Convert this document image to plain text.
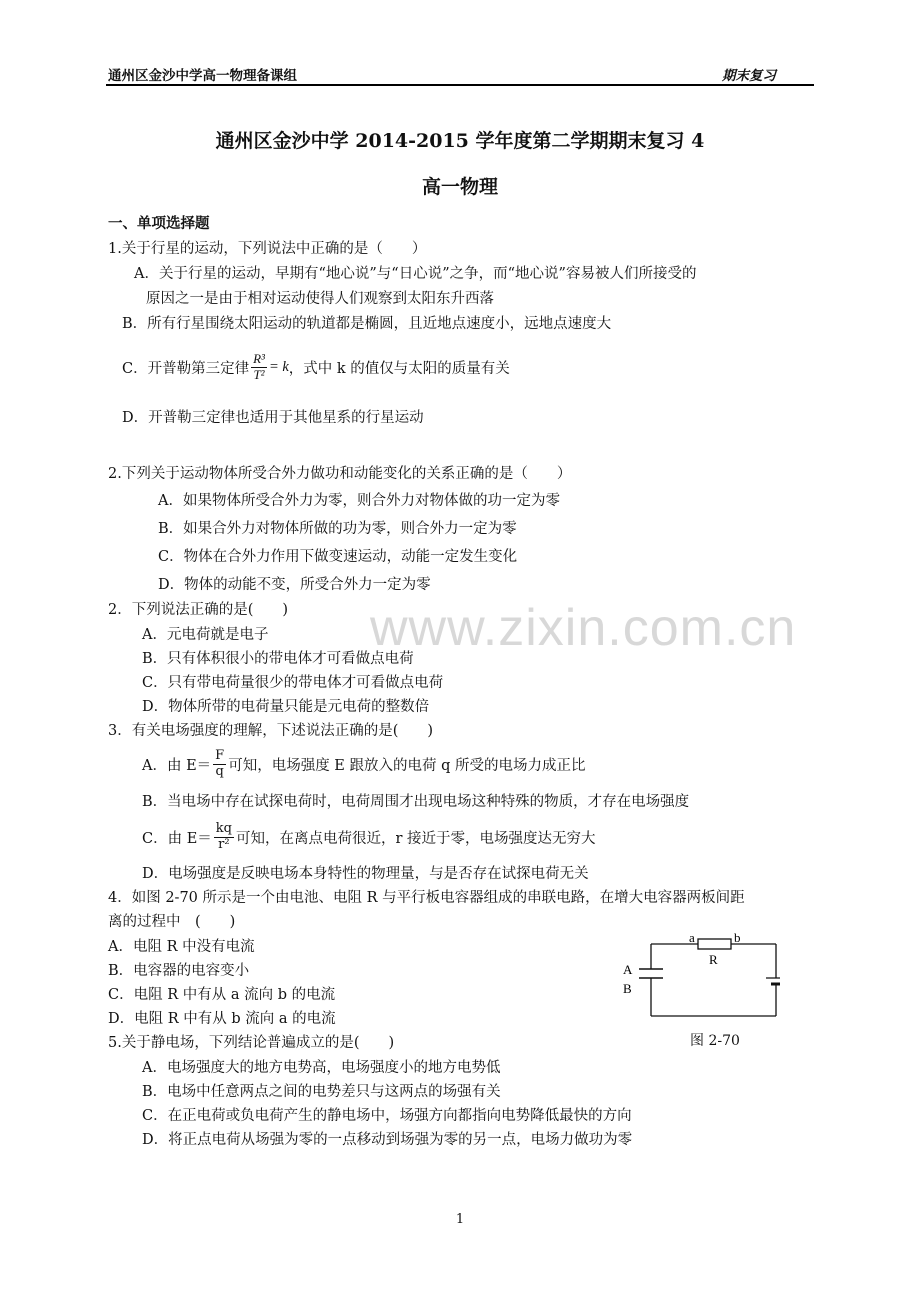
通州区金沙中学高一物理备课组	期末复习
www.zixin.com.cn
通州区金沙中学 2014-2015 学年度第二学期期末复习 4
高一物理
一、单项选择题
1.关于行星的运动，下列说法中正确的是（　　）
A．关于行星的运动，早期有“地心说”与“日心说”之争，而“地心说”容易被人们所接受的
原因之一是由于相对运动使得人们观察到太阳东升西落
B．所有行星围绕太阳运动的轨道都是椭圆，且近地点速度小，远地点速度大
C．开普勒第三定律 $\frac{\text{R³}}{\text{T²}} = k$ ，式中 k 的值仅与太阳的质量有关
D．开普勒三定律也适用于其他星系的行星运动
2.下列关于运动物体所受合外力做功和动能变化的关系正确的是（　　）
A．如果物体所受合外力为零，则合外力对物体做的功一定为零
B．如果合外力对物体所做的功为零，则合外力一定为零
C．物体在合外力作用下做变速运动，动能一定发生变化
D．物体的动能不变，所受合外力一定为零
2．下列说法正确的是(　　)
A．元电荷就是电子
B．只有体积很小的带电体才可看做点电荷
C．只有带电荷量很少的带电体才可看做点电荷
D．物体所带的电荷量只能是元电荷的整数倍
3．有关电场强度的理解，下述说法正确的是(　　)
A．由 $E= \frac{F}{q}$ 可知，电场强度 E 跟放入的电荷 q 所受的电场力成正比
B．当电场中存在试探电荷时，电荷周围才出现电场这种特殊的物质，才存在电场强度
C．由 $E= \frac{kq}{\text{r²}}$ 可知，在离点电荷很近，r 接近于零，电场强度达无穷大
D．电场强度是反映电场本身特性的物理量，与是否存在试探电荷无关
4．如图 2-70 所示是一个由电池、电阻 R 与平行板电容器组成的串联电路，在增大电容器两板间距
离的过程中　(　　)
A．电阻 R 中没有电流
B．电容器的电容变小
C．电阻 R 中有从 a 流向 b 的电流
D．电阻 R 中有从 b 流向 a 的电流
a	b
R
A
B
图 2-70
5.关于静电场，下列结论普遍成立的是(　　)
A．电场强度大的地方电势高，电场强度小的地方电势低
B．电场中任意两点之间的电势差只与这两点的场强有关
C．在正电荷或负电荷产生的静电场中，场强方向都指向电势降低最快的方向
D．将正点电荷从场强为零的一点移动到场强为零的另一点，电场力做功为零
1
